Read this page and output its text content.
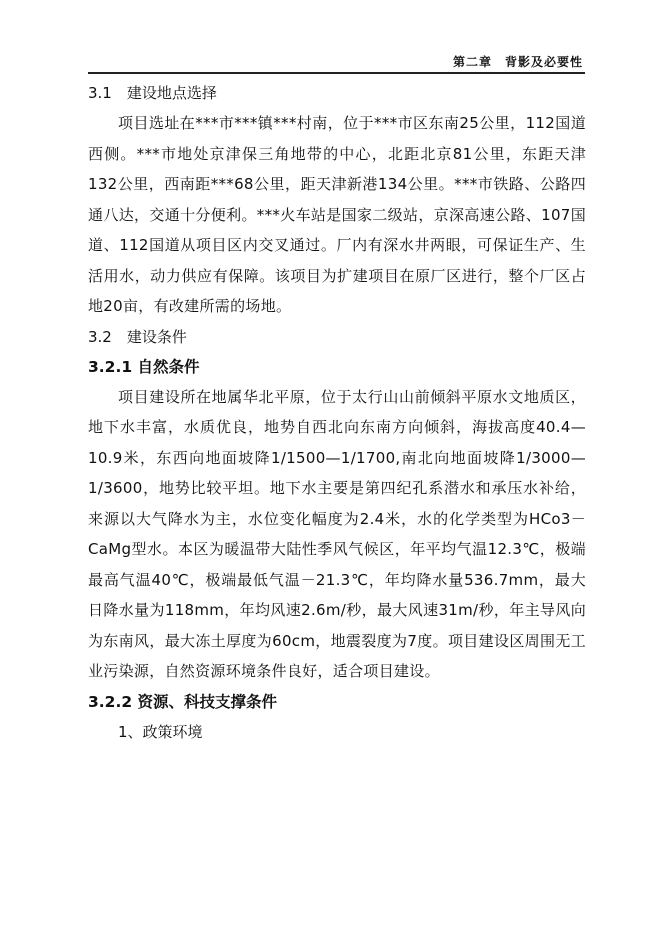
第二章　背影及必要性
3.1　建设地点选择

项目选址在***市***镇***村南，位于***市区东南25公里，112国道西侧。***市地处京津保三角地带的中心，北距北京81公里，东距天津132公里，西南距***68公里，距天津新港134公里。***市铁路、公路四通八达，交通十分便利。***火车站是国家二级站，京深高速公路、107国道、112国道从项目区内交叉通过。厂内有深水井两眼，可保证生产、生活用水，动力供应有保障。该项目为扩建项目在原厂区进行，整个厂区占地20亩，有改建所需的场地。

3.2　建设条件
3.2.1 自然条件

项目建设所在地属华北平原，位于太行山山前倾斜平原水文地质区，地下水丰富，水质优良，地势自西北向东南方向倾斜，海拔高度40.4—10.9米，东西向地面坡降1/1500—1/1700,南北向地面坡降1/3000—1/3600，地势比较平坦。地下水主要是第四纪孔系潜水和承压水补给，来源以大气降水为主，水位变化幅度为2.4米，水的化学类型为HCo3－CaMg型水。本区为暖温带大陆性季风气候区，年平均气温12.3℃，极端最高气温40℃，极端最低气温－21.3℃，年均降水量536.7mm，最大日降水量为118mm，年均风速2.6m/秒，最大风速31m/秒，年主导风向为东南风，最大冻土厚度为60cm，地震裂度为7度。项目建设区周围无工业污染源，自然资源环境条件良好，适合项目建设。

3.2.2 资源、科技支撑条件

1、政策环境
